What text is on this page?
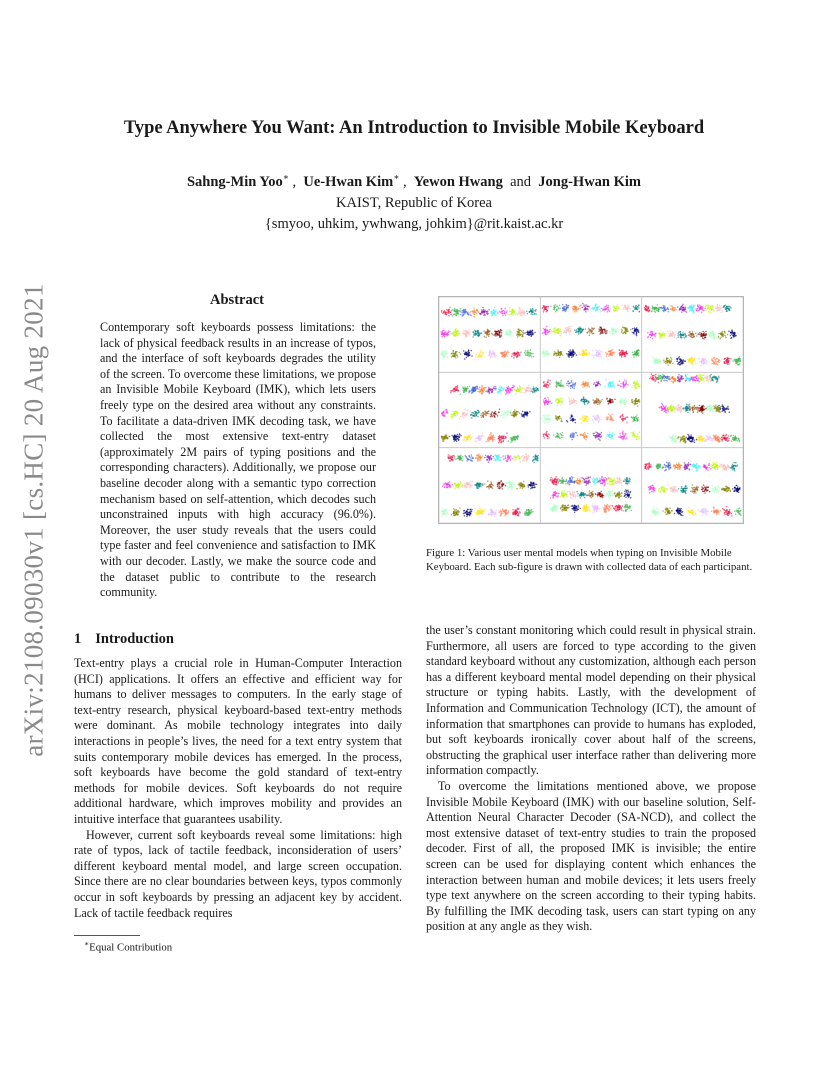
arXiv:2108.09030v1 [cs.HC] 20 Aug 2021
Type Anywhere You Want: An Introduction to Invisible Mobile Keyboard
Sahng-Min Yoo∗ ,  Ue-Hwan Kim∗ ,  Yewon Hwang and Jong-Hwan Kim
KAIST, Republic of Korea
{smyoo, uhkim, ywhwang, johkim}@rit.kaist.ac.kr
Abstract

Contemporary soft keyboards possess limitations: the lack of physical feedback results in an increase of typos, and the interface of soft keyboards degrades the utility of the screen. To overcome these limitations, we propose an Invisible Mobile Keyboard (IMK), which lets users freely type on the desired area without any constraints. To facilitate a data-driven IMK decoding task, we have collected the most extensive text-entry dataset (approximately 2M pairs of typing positions and the corresponding characters). Additionally, we propose our baseline decoder along with a semantic typo correction mechanism based on self-attention, which decodes such unconstrained inputs with high accuracy (96.0%). Moreover, the user study reveals that the users could type faster and feel convenience and satisfaction to IMK with our decoder. Lastly, we make the source code and the dataset public to contribute to the research community.

Figure 1: Various user mental models when typing on Invisible Mobile Keyboard. Each sub-figure is drawn with collected data of each participant.

1 Introduction

Text-entry plays a crucial role in Human-Computer Interaction (HCI) applications. It offers an effective and efficient way for humans to deliver messages to computers. In the early stage of text-entry research, physical keyboard-based text-entry methods were dominant. As mobile technology integrates into daily interactions in people’s lives, the need for a text entry system that suits contemporary mobile devices has emerged. In the process, soft keyboards have become the gold standard of text-entry methods for mobile devices. Soft keyboards do not require additional hardware, which improves mobility and provides an intuitive interface that guarantees usability.

However, current soft keyboards reveal some limitations: high rate of typos, lack of tactile feedback, inconsideration of users’ different keyboard mental model, and large screen occupation. Since there are no clear boundaries between keys, typos commonly occur in soft keyboards by pressing an adjacent key by accident. Lack of tactile feedback requires

the user’s constant monitoring which could result in physical strain. Furthermore, all users are forced to type according to the given standard keyboard without any customization, although each person has a different keyboard mental model depending on their physical structure or typing habits. Lastly, with the development of Information and Communication Technology (ICT), the amount of information that smartphones can provide to humans has exploded, but soft keyboards ironically cover about half of the screens, obstructing the graphical user interface rather than delivering more information compactly.

To overcome the limitations mentioned above, we propose Invisible Mobile Keyboard (IMK) with our baseline solution, Self-Attention Neural Character Decoder (SA-NCD), and collect the most extensive dataset of text-entry studies to train the proposed decoder. First of all, the proposed IMK is invisible; the entire screen can be used for displaying content which enhances the interaction between human and mobile devices; it lets users freely type text anywhere on the screen according to their typing habits. By fulfilling the IMK decoding task, users can start typing on any position at any angle as they wish.

∗Equal Contribution
